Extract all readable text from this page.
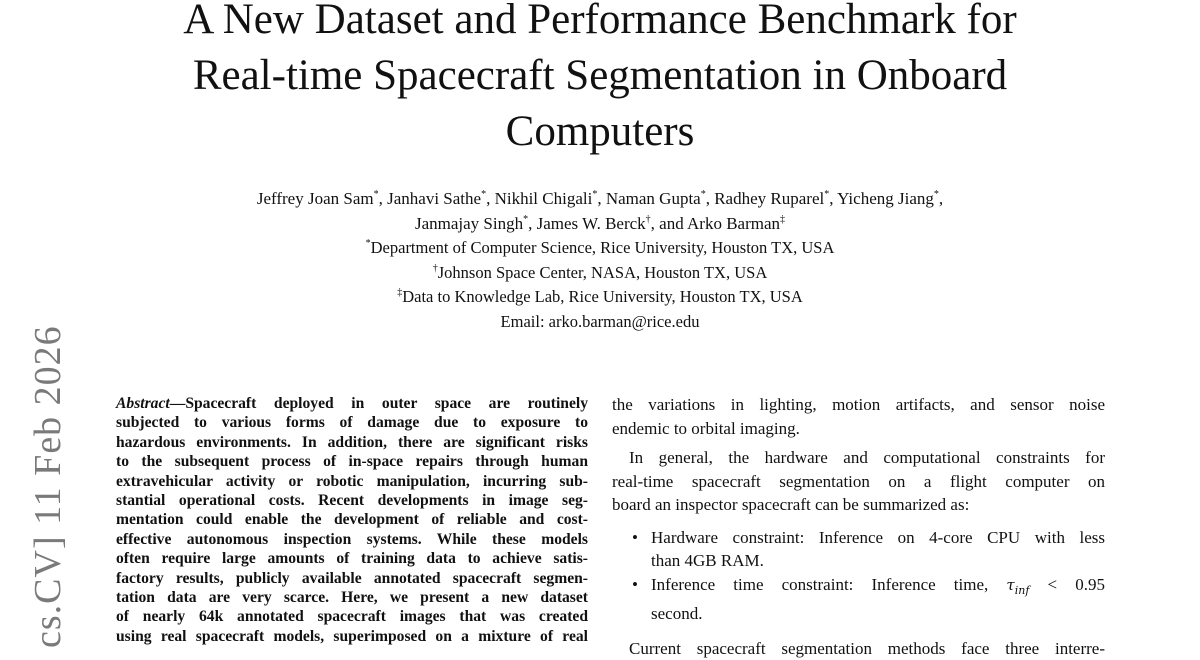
A New Dataset and Performance Benchmark for
Real-time Spacecraft Segmentation in Onboard
Computers
Jeffrey Joan Sam*, Janhavi Sathe*, Nikhil Chigali*, Naman Gupta*, Radhey Ruparel*, Yicheng Jiang*,
Janmajay Singh*, James W. Berck†, and Arko Barman‡
*Department of Computer Science, Rice University, Houston TX, USA
†Johnson Space Center, NASA, Houston TX, USA
‡Data to Knowledge Lab, Rice University, Houston TX, USA
Email: arko.barman@rice.edu
cs.CV] 11 Feb 2026	Abstract—Spacecraft deployed in outer space are routinely
subjected to various forms of damage due to exposure to
hazardous environments. In addition, there are significant risks
to the subsequent process of in-space repairs through human
extravehicular activity or robotic manipulation, incurring sub-
stantial operational costs. Recent developments in image seg-
mentation could enable the development of reliable and cost-
effective autonomous inspection systems. While these models
often require large amounts of training data to achieve satis-
factory results, publicly available annotated spacecraft segmen-
tation data are very scarce. Here, we present a new dataset
of nearly 64k annotated spacecraft images that was created
using real spacecraft models, superimposed on a mixture of real
the variations in lighting, motion artifacts, and sensor noise
endemic to orbital imaging.
In general, the hardware and computational constraints for
real-time spacecraft segmentation on a flight computer on
board an inspector spacecraft can be summarized as:
• Hardware constraint: Inference on 4-core CPU with less
than 4GB RAM.
• Inference time constraint: Inference time, $\tau_{inf} < 0.95$
second.
Current spacecraft segmentation methods face three interre-
